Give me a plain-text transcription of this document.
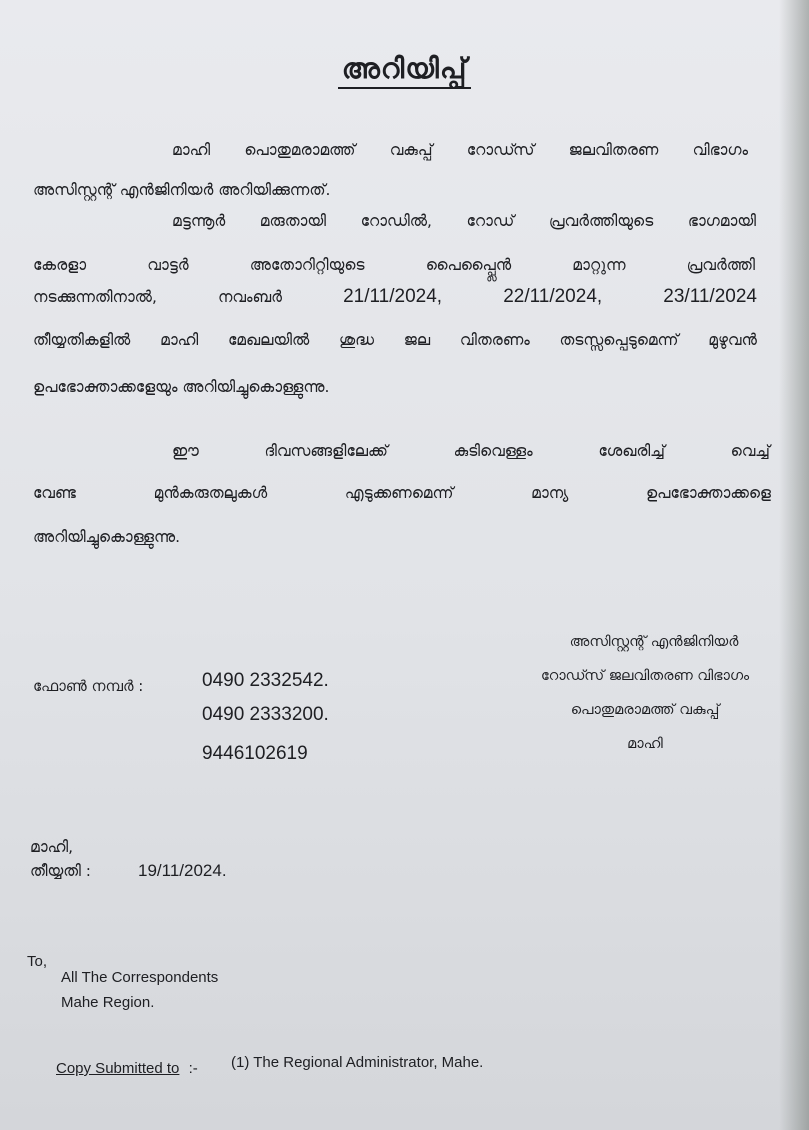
അറിയിപ്പ്
മാഹി പൊതുമരാമത്ത് വകുപ്പ് റോഡ്സ് ജലവിതരണ വിഭാഗം
അസിസ്റ്റന്റ് എൻജിനിയർ അറിയിക്കുന്നത്.
മട്ടന്നൂർ മരുതായി റോഡിൽ, റോഡ് പ്രവർത്തിയുടെ ഭാഗമായി
കേരളാ	വാട്ടർ	അതോറിറ്റിയുടെ	പൈപ്പ്ലൈൻ	മാറ്റുന്ന	പ്രവർത്തി
നടക്കുന്നതിനാൽ,	നവംബർ	21/11/2024,	22/11/2024,	23/11/2024
തീയ്യതികളിൽ മാഹി മേഖലയിൽ ശുദ്ധ ജല വിതരണം തടസ്സപ്പെടുമെന്ന് മുഴുവൻ
ഉപഭോക്താക്കളേയും അറിയിച്ചുകൊള്ളുന്നു.
ഈ	ദിവസങ്ങളിലേക്ക്	കുടിവെള്ളം	ശേഖരിച്ച്	വെച്ച്
വേണ്ട	മുൻകരുതലുകൾ	എടുക്കണമെന്ന്	മാന്യ	ഉപഭോക്താക്കളെ
അറിയിച്ചുകൊള്ളുന്നു.
ഫോൺ നമ്പർ :	0490 2332542.
0490 2333200.
9446102619
അസിസ്റ്റന്റ് എൻജിനിയർ
റോഡ്സ് ജലവിതരണ വിഭാഗം
പൊതുമരാമത്ത് വകുപ്പ്
മാഹി
മാഹി,
തീയ്യതി :	19/11/2024.
To,
All The Correspondents
Mahe Region.
Copy Submitted to :- (1) The Regional Administrator, Mahe.
